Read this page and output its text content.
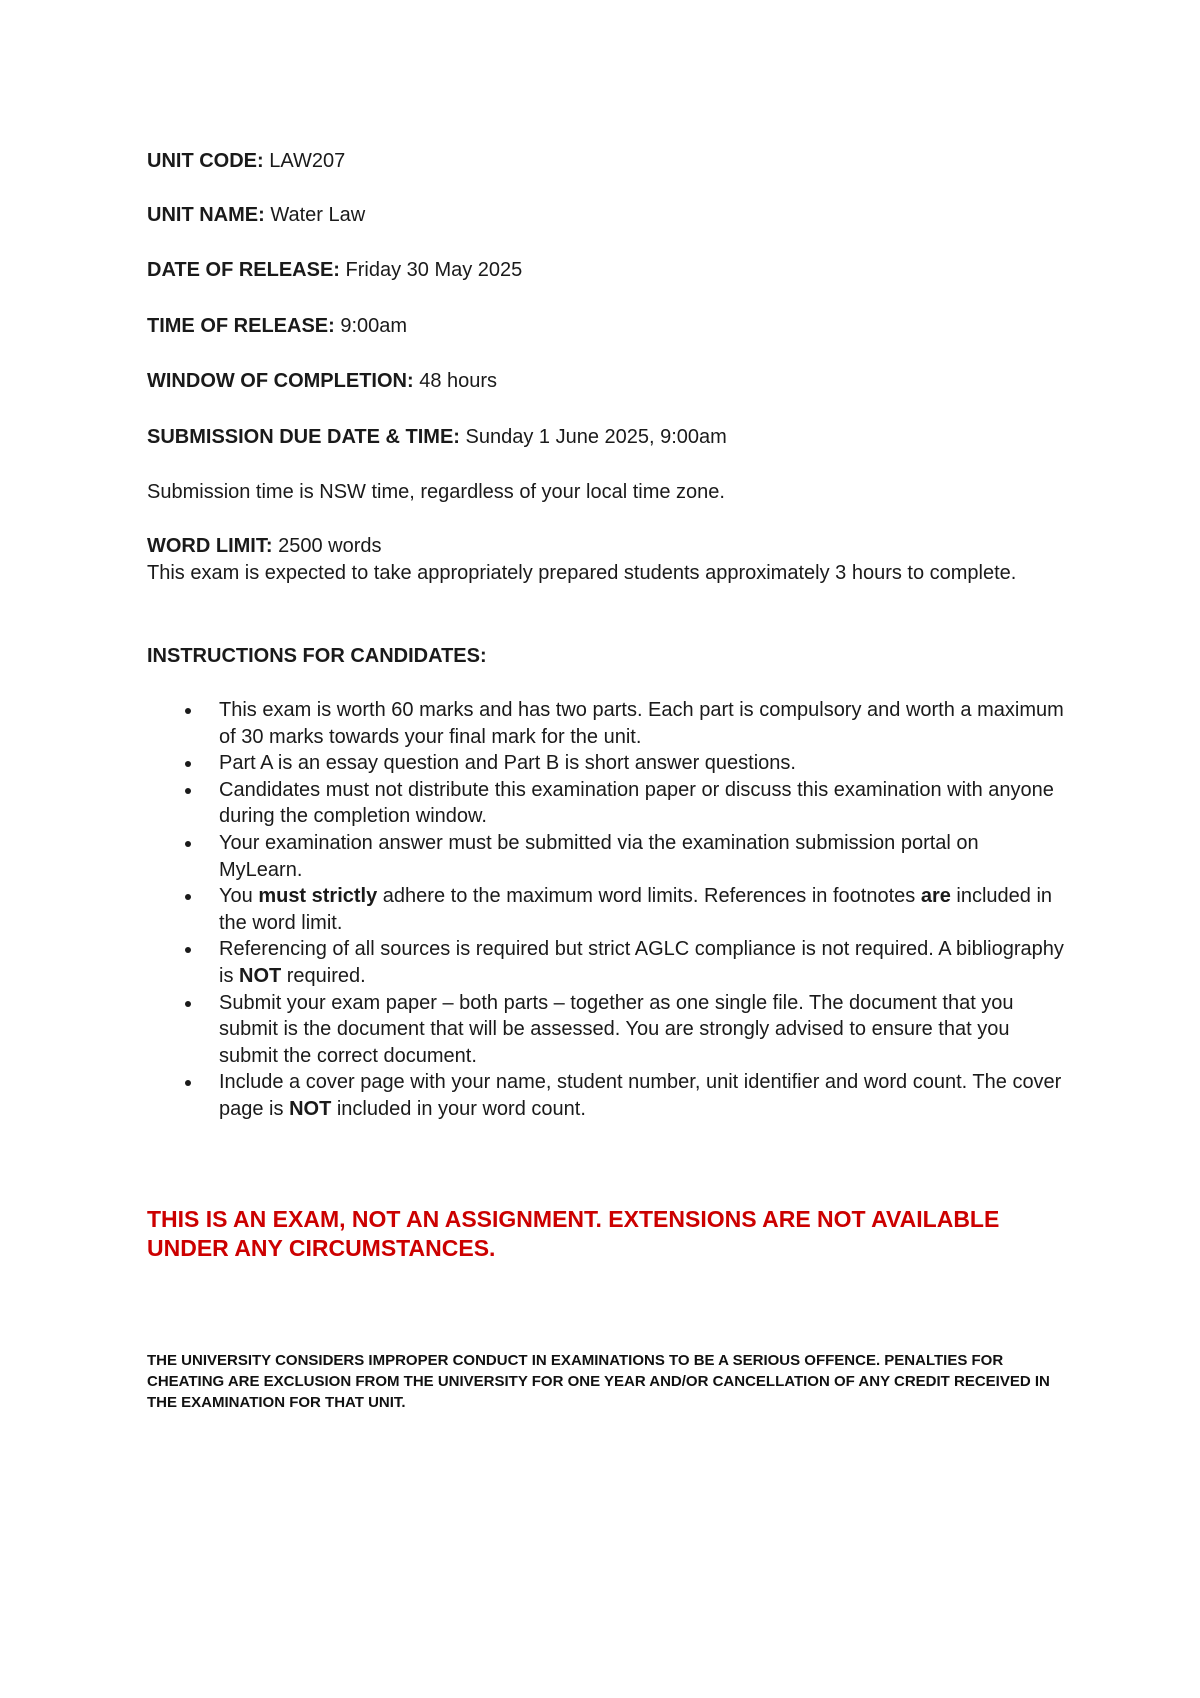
UNIT CODE: LAW207
UNIT NAME: Water Law
DATE OF RELEASE: Friday 30 May 2025
TIME OF RELEASE: 9:00am
WINDOW OF COMPLETION: 48 hours
SUBMISSION DUE DATE & TIME: Sunday 1 June 2025, 9:00am
Submission time is NSW time, regardless of your local time zone.
WORD LIMIT: 2500 words
This exam is expected to take appropriately prepared students approximately 3 hours to complete.
INSTRUCTIONS FOR CANDIDATES:
This exam is worth 60 marks and has two parts. Each part is compulsory and worth a maximum of 30 marks towards your final mark for the unit.
Part A is an essay question and Part B is short answer questions.
Candidates must not distribute this examination paper or discuss this examination with anyone during the completion window.
Your examination answer must be submitted via the examination submission portal on MyLearn.
You must strictly adhere to the maximum word limits. References in footnotes are included in the word limit.
Referencing of all sources is required but strict AGLC compliance is not required. A bibliography is NOT required.
Submit your exam paper – both parts – together as one single file. The document that you submit is the document that will be assessed. You are strongly advised to ensure that you submit the correct document.
Include a cover page with your name, student number, unit identifier and word count. The cover page is NOT included in your word count.
THIS IS AN EXAM, NOT AN ASSIGNMENT. EXTENSIONS ARE NOT AVAILABLE UNDER ANY CIRCUMSTANCES.
THE UNIVERSITY CONSIDERS IMPROPER CONDUCT IN EXAMINATIONS TO BE A SERIOUS OFFENCE. PENALTIES FOR CHEATING ARE EXCLUSION FROM THE UNIVERSITY FOR ONE YEAR AND/OR CANCELLATION OF ANY CREDIT RECEIVED IN THE EXAMINATION FOR THAT UNIT.
